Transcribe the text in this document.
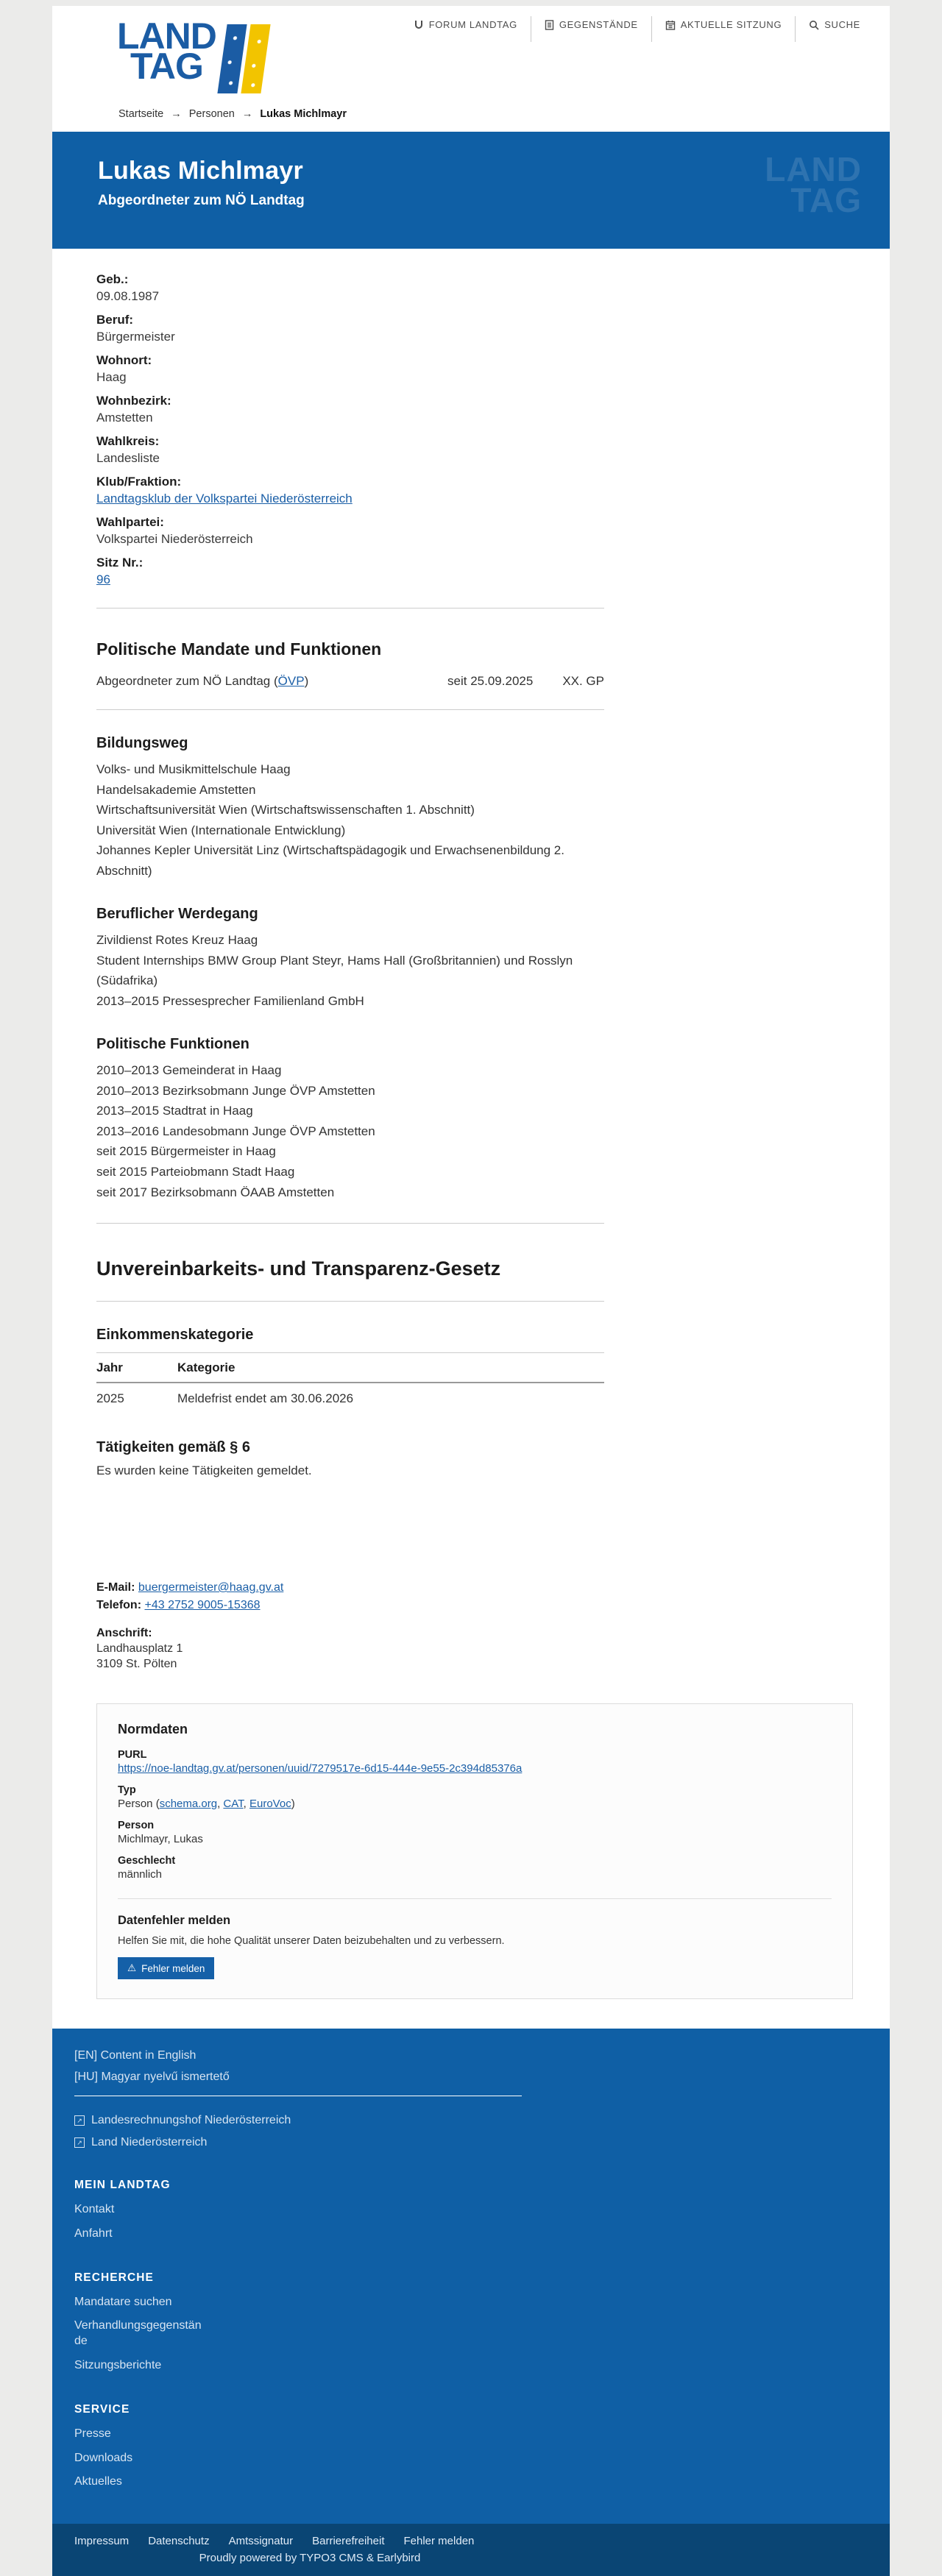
FORUM LANDTAG	GEGENSTÄNDE	AKTUELLE SITZUNG	SUCHE
LAND
TAG
Startseite → Personen → Lukas Michlmayr
Lukas Michlmayr

Abgeordneter zum NÖ Landtag

LAND
TAG
Geb.:
09.08.1987
Beruf:
Bürgermeister
Wohnort:
Haag
Wohnbezirk:
Amstetten
Wahlkreis:
Landesliste
Klub/Fraktion:
Landtagsklub der Volkspartei Niederösterreich
Wahlpartei:
Volkspartei Niederösterreich
Sitz Nr.:
96
Politische Mandate und Funktionen
Abgeordneter zum NÖ Landtag (ÖVP)	seit 25.09.2025 XX. GP
Bildungsweg

Volks- und Musikmittelschule Haag

Handelsakademie Amstetten

Wirtschaftsuniversität Wien (Wirtschaftswissenschaften 1. Abschnitt)

Universität Wien (Internationale Entwicklung)

Johannes Kepler Universität Linz (Wirtschaftspädagogik und Erwachsenenbildung 2. Abschnitt)

Beruflicher Werdegang

Zivildienst Rotes Kreuz Haag

Student Internships BMW Group Plant Steyr, Hams Hall (Großbritannien) und Rosslyn (Südafrika)

2013–2015 Pressesprecher Familienland GmbH

Politische Funktionen

2010–2013 Gemeinderat in Haag

2010–2013 Bezirksobmann Junge ÖVP Amstetten

2013–2015 Stadtrat in Haag

2013–2016 Landesobmann Junge ÖVP Amstetten

seit 2015 Bürgermeister in Haag

seit 2015 Parteiobmann Stadt Haag

seit 2017 Bezirksobmann ÖAAB Amstetten

Unvereinbarkeits- und Transparenz-Gesetz
Einkommenskategorie
Jahr	Kategorie
2025	Meldefrist endet am 30.06.2026
Tätigkeiten gemäß § 6

Es wurden keine Tätigkeiten gemeldet.

E-Mail: buergermeister@haag.gv.at

Telefon: +43 2752 9005-15368

Anschrift:

Landhausplatz 1

3109 St. Pölten

Normdaten
PURL
https://noe-landtag.gv.at/personen/uuid/7279517e-6d15-444e-9e55-2c394d85376a
Typ
Person (schema.org, CAT, EuroVoc)
Person
Michlmayr, Lukas
Geschlecht
männlich
Datenfehler melden

Helfen Sie mit, die hohe Qualität unserer Daten beizubehalten und zu verbessern.

⚠ Fehler melden
[EN] Content in English
[HU] Magyar nyelvű ismertető
↗ Landesrechnungshof Niederösterreich
↗ Land Niederösterreich
MEIN LANDTAG
Kontakt
Anfahrt
RECHERCHE
Mandatare suchen
Verhandlungsgegenstände
Sitzungsberichte
SERVICE
Presse
Downloads
Aktuelles
Impressum Datenschutz Amtssignatur Barrierefreiheit Fehler melden
Proudly powered by TYPO3 CMS & Earlybird
